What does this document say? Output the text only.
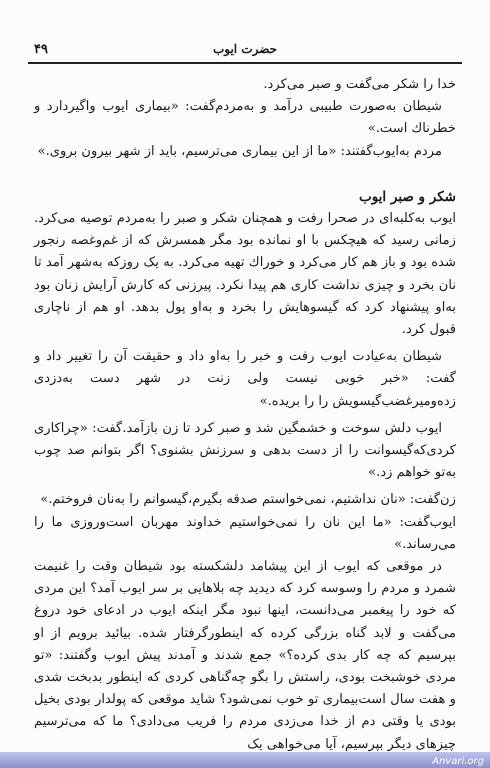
۴۹	حضرت ایوب

خدا را شکر می‌گفت و صبر می‌کرد.

شیطان به‌صورت طبیبی درآمد و به‌مردم‌گفت: «بیماری ایوب واگیردارد و خطرناك است.»

مردم به‌ایوب‌گفتند: «ما از این بیماری می‌ترسیم، باید از شهر بیرون بروی.»

شکر و صبر ایوب

ایوب به‌کلبه‌ای در صحرا رفت و همچنان شکر و صبر را به‌مردم توصیه می‌کرد. زمانی رسید که هیچکس با او نمانده بود مگر همسرش که از غم‌وغصه رنجور شده بود و باز هم کار می‌کرد و خوراك تهیه می‌کرد. به یک روزکه به‌شهر آمد تا نان بخرد و چیزی نداشت کاری هم پیدا نکرد. پیرزنی که کارش آرایش زنان بود به‌او پیشنهاد کرد که گیسوهایش را بخرد و به‌او پول بدهد. او هم از ناچاری قبول کرد.

شیطان به‌عیادت ایوب رفت و خبر را به‌او داد و حقیقت آن را تغییر داد و گفت: «خبر خوبی نیست ولی زنت در شهر دست به‌دزدی زده‌و‌میرغضب‌گیسویش را را بریده.»

ایوب دلش سوخت و خشمگین شد و صبر کرد تا زن بازآمد.گفت: «چرا‌کاری کردی‌که‌گیسوانت را از دست بدهی و سرزنش بشنوی؟ اگر بتوانم صد چوب به‌تو خواهم زد.»

زن‌گفت: «نان نداشتیم، نمی‌خواستم صدقه بگیرم،گیسوانم را به‌نان فروختم.»

ایوب‌گفت: «ما این نان را نمی‌خواستیم خداوند مهربان است‌وروزی ما را می‌رساند.»

در موقعی که ایوب از این پیشامد دلشکسته بود شیطان وقت را غنیمت شمرد و مردم را وسوسه کرد که دیدید چه بلاهایی بر سر ایوب آمد؟ این مردی که خود را پیغمبر می‌دانست، اینها نبود مگر اینکه ایوب در ادعای خود دروغ می‌گفت و لابد گناه بزرگی کرده که اینطورگرفتار شده. بیائید برویم از او بپرسیم که چه کار بدی کرده؟» جمع شدند و آمدند پیش ایوب وگفتند: «تو مردی خوشبخت بودی، راستش را بگو چه‌گناهی کردی که اینطور بدبخت شدی و هفت سال است‌بیماری تو خوب نمی‌شود؟ شاید موقعی که پولدار بودی بخیل بودی یا وقتی دم از خدا می‌زدی مردم را فریب می‌دادی؟ ما که می‌ترسیم چیزهای دیگر بپرسیم، آیا می‌خواهی یک

Anvari.org
